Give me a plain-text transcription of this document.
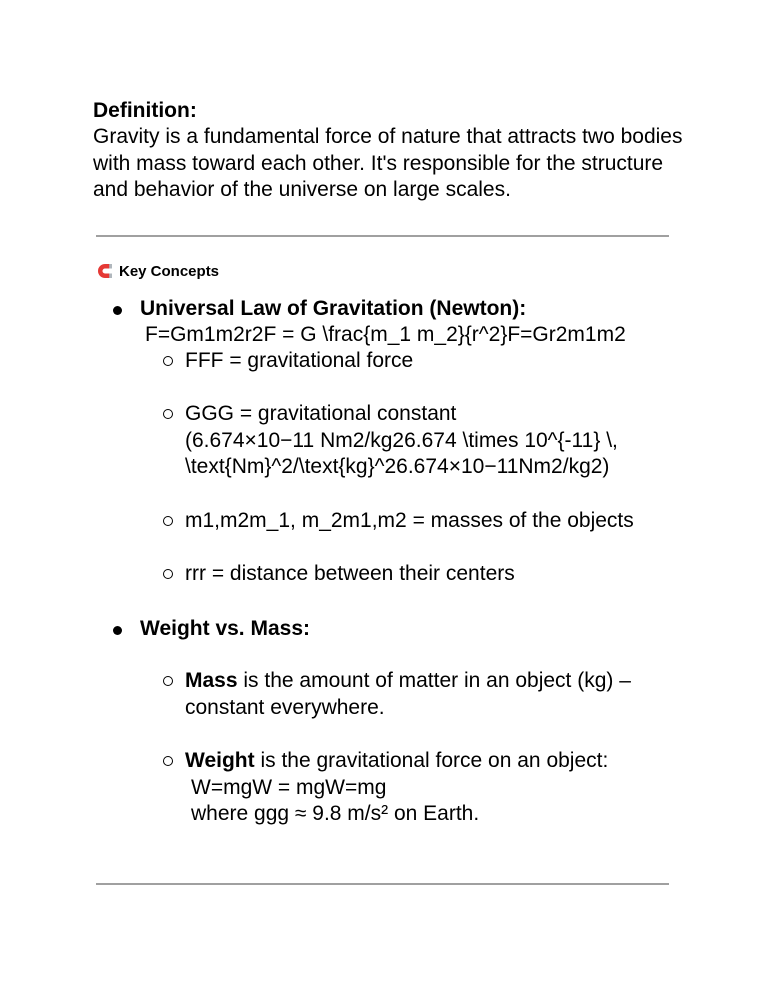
Definition:

Gravity is a fundamental force of nature that attracts two bodies with mass toward each other. It's responsible for the structure and behavior of the universe on large scales.

Key Concepts
Universal Law of Gravitation (Newton):
F=Gm1m2r2F = G \frac{m_1 m_2}{r^2}F=Gr2m1m2
FFF = gravitational force
GGG = gravitational constant
(6.674×10−11 Nm2/kg26.674 \times 10^{-11} \,
\text{Nm}^2/\text{kg}^26.674×10−11Nm2/kg2)
m1,m2m_1, m_2m1,m2 = masses of the objects
rrr = distance between their centers
Weight vs. Mass:
Mass is the amount of matter in an object (kg) –
constant everywhere.
Weight is the gravitational force on an object:
W=mgW = mgW=mg
where ggg ≈ 9.8 m/s² on Earth.
